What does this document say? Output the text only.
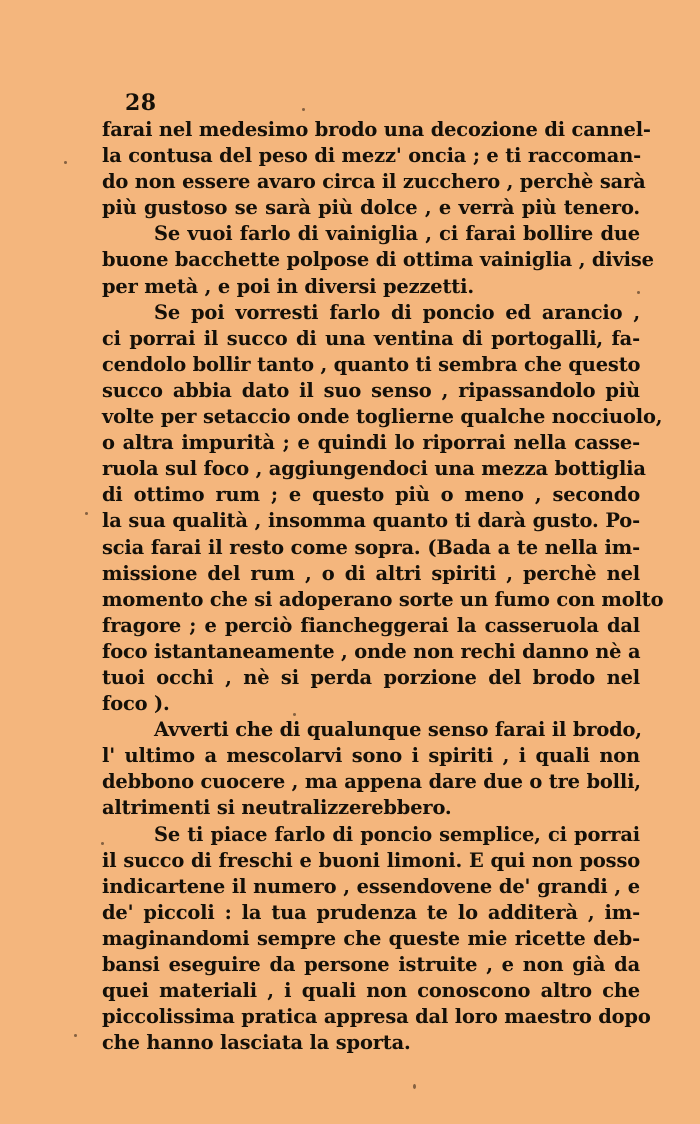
28
farai nel medesimo brodo una decozione di cannel-
la contusa del peso di mezz' oncia ; e ti raccoman-
do non essere avaro circa il zucchero , perchè sarà
più gustoso se sarà più dolce , e verrà più tenero.
Se vuoi farlo di vainiglia , ci farai bollire due
buone bacchette polpose di ottima vainiglia , divise
per metà , e poi in diversi pezzetti.
Se poi vorresti farlo di poncio ed arancio ,
ci porrai il succo di una ventina di portogalli, fa-
cendolo bollir tanto , quanto ti sembra che questo
succo abbia dato il suo senso , ripassandolo più
volte per setaccio onde toglierne qualche nocciuolo,
o altra impurità ; e quindi lo riporrai nella casse-
ruola sul foco , aggiungendoci una mezza bottiglia
di ottimo rum ; e questo più o meno , secondo
la sua qualità , insomma quanto ti darà gusto. Po-
scia farai il resto come sopra. (Bada a te nella im-
missione del rum , o di altri spiriti , perchè nel
momento che si adoperano sorte un fumo con molto
fragore ; e perciò fiancheggerai la casseruola dal
foco istantaneamente , onde non rechi danno nè a
tuoi occhi , nè si perda porzione del brodo nel
foco ).
Avverti che di qualunque senso farai il brodo,
l' ultimo a mescolarvi sono i spiriti , i quali non
debbono cuocere , ma appena dare due o tre bolli,
altrimenti si neutralizzerebbero.
Se ti piace farlo di poncio semplice, ci porrai
il succo di freschi e buoni limoni. E qui non posso
indicartene il numero , essendovene de' grandi , e
de' piccoli : la tua prudenza te lo additerà , im-
maginandomi sempre che queste mie ricette deb-
bansi eseguire da persone istruite , e non già da
quei materiali , i quali non conoscono altro che
piccolissima pratica appresa dal loro maestro dopo
che hanno lasciata la sporta.
